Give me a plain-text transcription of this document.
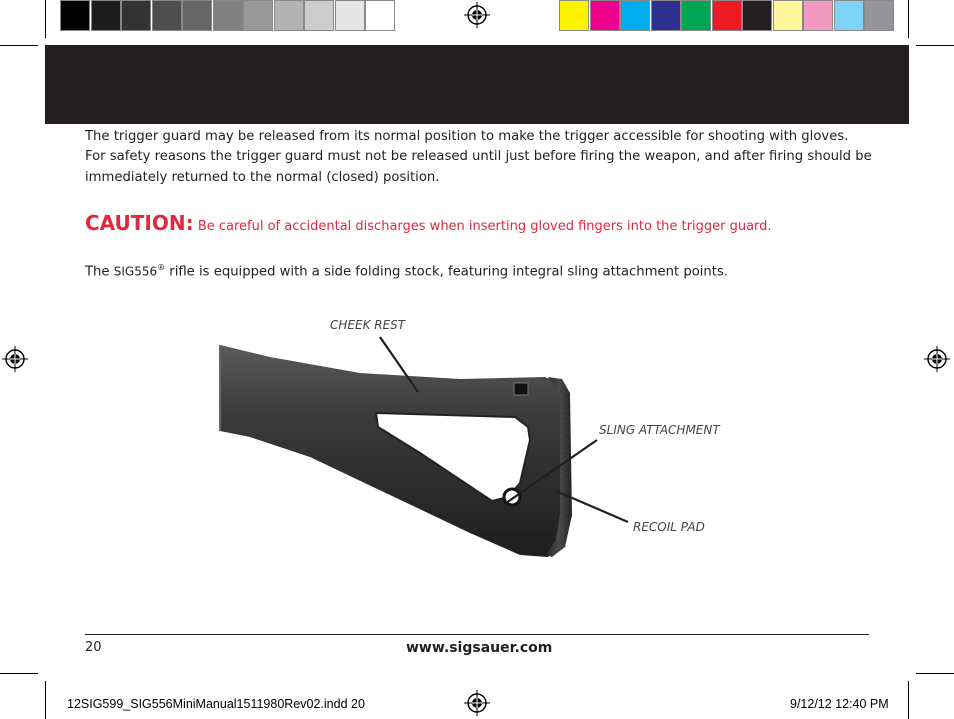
The trigger guard may be released from its normal position to make the trigger accessible for shooting with gloves.
For safety reasons the trigger guard must not be released until just before firing the weapon, and after firing should be
immediately returned to the normal (closed) position.
CAUTION: Be careful of accidental discharges when inserting gloved fingers into the trigger guard.
The SIG556® rifle is equipped with a side folding stock, featuring integral sling attachment points.
CHEEK REST
SLING ATTACHMENT
RECOIL PAD
20	www.sigsauer.com
12SIG599_SIG556MiniManual1511980Rev02.indd 20	9/12/12 12:40 PM
